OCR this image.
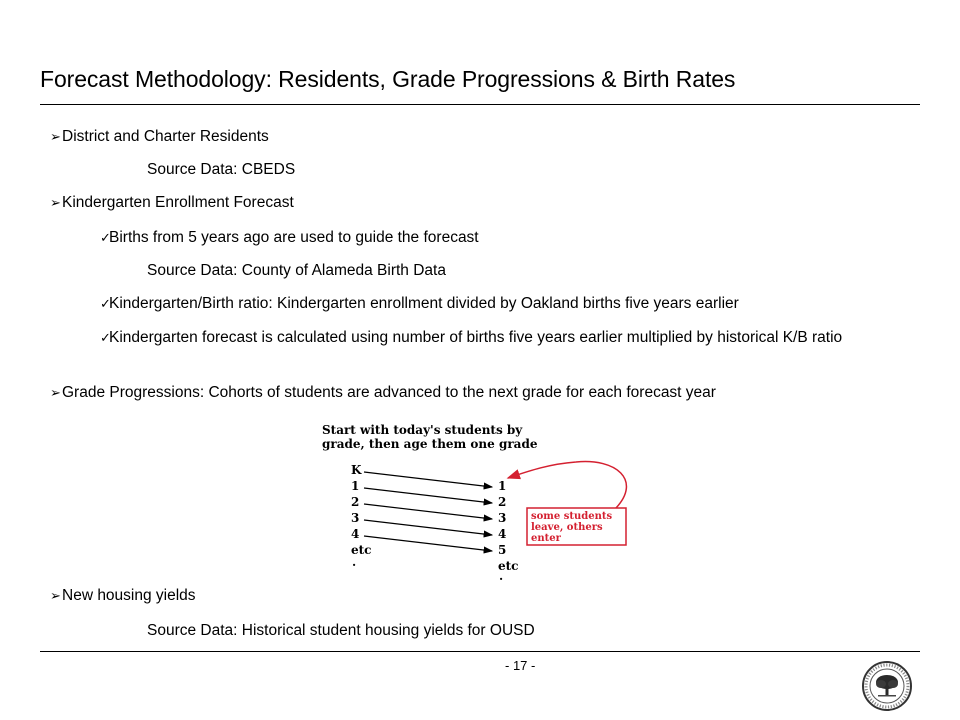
Forecast Methodology: Residents, Grade Progressions & Birth Rates
➢District and Charter Residents
Source Data: CBEDS
➢Kindergarten Enrollment Forecast
✓Births from 5 years ago are used to guide the forecast
Source Data: County of Alameda Birth Data
✓Kindergarten/Birth ratio: Kindergarten enrollment divided by Oakland births five years earlier
✓Kindergarten forecast is calculated using number of births five years earlier multiplied by historical K/B ratio
➢Grade Progressions: Cohorts of students are advanced to the next grade for each forecast year
Start with today's students by
grade, then age them one grade
K
1
2
3
4
etc
.
1
2
3
4
5
etc
.
some students
leave, others
enter
➢New housing yields
Source Data: Historical student housing yields for OUSD
- 17 -
